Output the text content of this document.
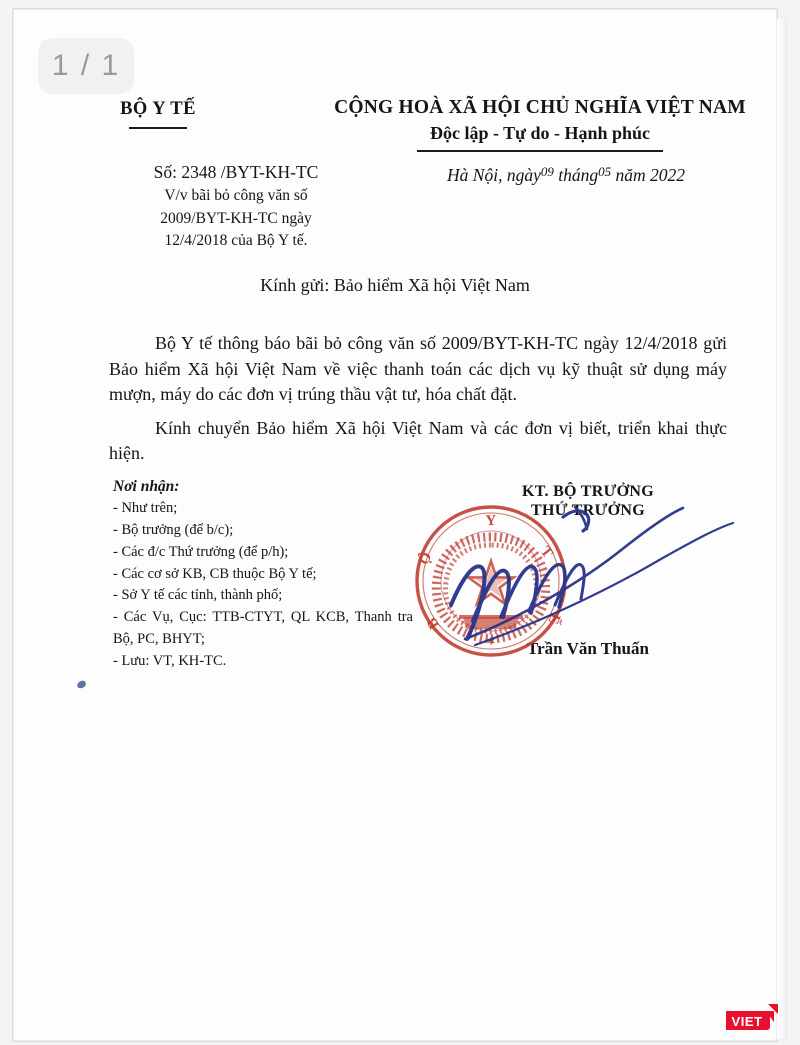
BỘ Y TẾ	CỘNG HOÀ XÃ HỘI CHỦ NGHĨA VIỆT NAM
Độc lập - Tự do - Hạnh phúc
Số: 2348 /BYT-KH-TC
V/v bãi bỏ công văn số
2009/BYT-KH-TC ngày
12/4/2018 của Bộ Y tế.
Hà Nội, ngày$^{09}$ tháng$^{05}$ năm 2022
Kính gửi: Bảo hiểm Xã hội Việt Nam

Bộ Y tế thông báo bãi bỏ công văn số 2009/BYT-KH-TC ngày 12/4/2018 gửi Bảo hiểm Xã hội Việt Nam về việc thanh toán các dịch vụ kỹ thuật sử dụng máy mượn, máy do các đơn vị trúng thầu vật tư, hóa chất đặt.

Kính chuyển Bảo hiểm Xã hội Việt Nam và các đơn vị biết, triển khai thực hiện.

Nơi nhận:
- Như trên;
- Bộ trưởng (để b/c);
- Các đ/c Thứ trưởng (để p/h);
- Các cơ sở KB, CB thuộc Bộ Y tế;
- Sở Y tế các tỉnh, thành phố;
- Các Vụ, Cục: TTB-CTYT, QL KCB, Thanh tra Bộ, PC, BHYT;
- Lưu: VT, KH-TC.
KT. BỘ TRƯỞNG
THỨ TRƯỞNG
Trần Văn Thuấn
Y
T
Ế
B
Ộ
✶
1 / 1
VIET
